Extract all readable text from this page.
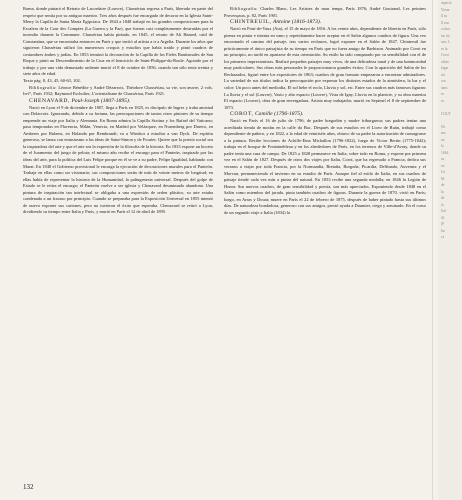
Roma, donde pintará el Retrato de Lacordaire (Louvre), Chassériau regresa a París, liberado en parte del respeto que sentía por su antiguo maestro. Tres años después fue encargado de decorar en la Iglesia Saint-Merry la Capilla de Santa María Egipcíaca. De 1844 a 1848 trabajó en las grandes composiciones para la Escalera de la Cour des Comptes (La Guerra y la Paz), que fueron casi completamente destruidas por el incendio durante la Commune. Chassériau había pintado, en 1845, el retrato de Ali Hamed, caíd de Constantina, que se encontraba entonces en París y que invitó al artista a ir a Argelia. Durante los años que siguieron Chassériau utilizó los numerosos croquis y estudios que había traído y pintó cuadros de costumbres árabes y judías. En 1853 terminó la decoración de la Capilla de los Fieles Bautismales de San Roque y pintó un Descendimiento de la Cruz en el hemiciclo de Saint-Philippe-du-Roule. Agotado por el trabajo y por una vida demasiado ardiente murió el 8 de octubre de 1856, cuando tan sólo tenía treinta y siete años de edad.

Texto pág. 8, 43, 45, 60-63, 102.

Bibliografía: Léonce Bénédite y André Dézarrois, Théodore Chassériau, sa vie, son œuvre, 2 vols. In-fº, París 1932; Raymond Escholier, L'orientalisme de Chassériau, París 1921.

CHENAVARD, Paul-Joseph (1807-1895).

Nació en Lyon el 9 de diciembre de 1807, llega a París en 1825, es discípulo de Ingres y traba amistad con Delacroix. Ignorando, debido a su fortuna, las preocupaciones de tantos otros pintores de su tiempo emprende un viaje por Italia y Alemania. En Roma admira la Capilla Sixtina y los Rafael del Vaticano; pasa temporadas en Florencia, Milán, Venecia, en Madrid por Velázquez, en Nuremberg por Durero, en Amberes por Rubens, en Holanda por Rembrandt; va a Windsor a estudiar a van Dyck. De espíritu generoso, se lanza con entusiasmo a las ideas de Saint-Simon y de Fourier. Quiere que la poesía social sea la inspiradora del arte y que el arte sea la expresión de la filosofía de la historia. En 1833 expone un boceto de el Juramento del juego de pelota; el mismo año recibe el encargo para el Panteón, inspirado por las ideas del arte, para la política del Luis Felipe porque en él se ve a su padre, Felipe Igualdad, hablando con Marat. En 1848 el Gobierno provisional le encarga la ejecución de decoraciones murales para el Panteón. Trabaja en ellas como un visionario; sus composiciones serán de más de veinte metros de longitud; en ellas había de representar la historia de la Humanidad, la palingenesia universal. Después del golpe de Estado se le retira el encargo; el Panteón vuelve a ser iglesia y Chenavard desanimado abandona. Una pintura de inspiración tan intelectual se obligaba a una expresión de orden plástico, su arte estaba condenado a un fracaso por principio. Cuando se preparaba para la Exposición Universal en 1855 intentó de nuevo exponer sus cartones, pero no tuvieron el éxito que esperaba. Chenavard se retiró a Lyon, dividiendo su tiempo entre Italia y París, y murió en París el 12 de abril de 1895.

Bibliografía: Charles Blanc, Les Artistes de mon temps, París 1876; André Gouirand, Les peintres Provençaux, p. 82, París 1901.

CHINTREUIL, Antoine (1816-1873).

Nació en Pont-de-Vaux (Ain), el 15 de mayo de 1816. A los veinte años, dependiente de librería en París, sólo piensa en pintar e intenta en vano y repetidamente hacer aceptar en el Salón algunos cuadros de figura. Una vez encontrado el camino del paisaje, tras varios rechazos, logró exponer en el Salón de 1847. Chintreuil fue prácticamente el único paisajista de su tiempo en París que no fuera amigo de Barbizon. Animado por Corot en un principio, no tardó en apartarse de esta orientación. Su estilo ha sido comparado por su sensibilidad con el de los primeros impresionistas. Realizó pequeños paisajes muy vivos, de una delicadeza tonal y de una luminosidad muy particulares. Sus obras más personales le proporcionaron grandes éxitos: Con la aparición del Salón de los Rechazados, figuró entre los expositores de 1863; cuadros de gran formato empezaron a encontrar admiradores. La variedad de sus títulos indica la preocupación por expresar los distintos estados de la atmósfera, la luz y el color: Un poco antes del mediodía, El sol bebe el rocío, Lluvia y sol, etc. Entre sus cuadros más famosos figuran: La lluvia y el sol (Louvre), Vasto y alto espacio (Louvre), Vista de Igny, Lluvia en la planicie, y su obra maestra El espacio (Louvre), obra de gran envergadura. Artista muy trabajador, murió en Septeuil el 8 de septiembre de 1873.

COROT, Camille (1796-1875).

Nació en París el 16 de julio de 1796, de padre borgoñón y madre friburguesa; sus padres tenían una acreditada tienda de modas en la calle du Bac. Después de sus estudios en el Liceo de Ruán, trabajó como dependiente de pañero, y en 1822, a la edad de veintiséis años, obtuvo de su padre la autorización de consagrarse a la pintura. Recibe lecciones de Achille-Etna Michallon (1796-1822), luego de Victor Bertin (1775-1842); trabaja en el bosque de Fontainebleau y en los alrededores de París, en los terrenos de Ville-d'Avray, donde su padre tenía una casa de campo. De 1825 a 1828 permanece en Italia, sobre todo en Roma, y expone por primera vez en el Salón de 1827. Después de otros dos viajes por Italia, Corot, que ha regresado a Francia, dedica sus veranos a viajar por toda Francia, por la Normandía, Bretaña, Borgoña, Picardía, Delfinado, Auvernia y el Morvan, permaneciendo el invierno en su estudio de París. Aunque fiel al estilo de Italia, en sus cuadros de paisaje tiende cada vez más a pintar del natural. En 1833 recibe una segunda medalla; en 1846 la Legión de Honor. Sus nuevos cuadros, de gran sensibilidad y poesía, son más apreciados. Exponiendo desde 1848 en el Salón como miembro del jurado, pinta también cuadros de figuras. Durante la guerra de 1870, vivió en París; luego, en Arras y Douai; muere en París el 22 de febrero de 1875, después de haber pintado hasta sus últimos días. De naturaleza bondadosa, generoso con sus amigos, prestó ayuda a Daumier, ciego y arruinado. En el curso de un segundo viaje a Italia (1834) la

aspecte
Viena
ll su
ll con
a obra
tas ob
uno. L
se la
Corot
obras
lugar
ría
cos
anos
es
es

COUT

Ne
mo
en
lo
1844,
su
en
Lit
M
de
la
de
la
Ital
ill.
(P
Ita
ca
132
